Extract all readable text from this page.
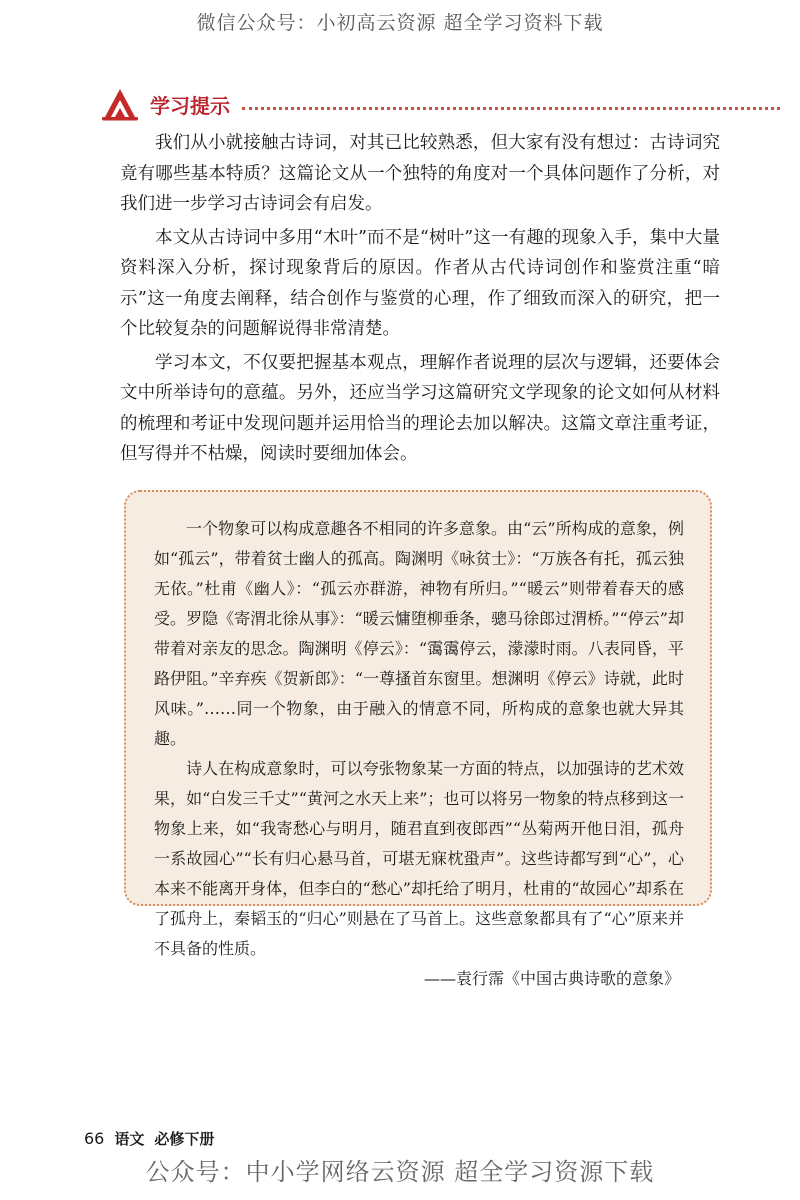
微信公众号：小初高云资源 超全学习资料下载
学习提示

我们从小就接触古诗词，对其已比较熟悉，但大家有没有想过：古诗词究竟有哪些基本特质？这篇论文从一个独特的角度对一个具体问题作了分析，对我们进一步学习古诗词会有启发。

本文从古诗词中多用“木叶”而不是“树叶”这一有趣的现象入手，集中大量资料深入分析，探讨现象背后的原因。作者从古代诗词创作和鉴赏注重“暗示”这一角度去阐释，结合创作与鉴赏的心理，作了细致而深入的研究，把一个比较复杂的问题解说得非常清楚。

学习本文，不仅要把握基本观点，理解作者说理的层次与逻辑，还要体会文中所举诗句的意蕴。另外，还应当学习这篇研究文学现象的论文如何从材料的梳理和考证中发现问题并运用恰当的理论去加以解决。这篇文章注重考证，但写得并不枯燥，阅读时要细加体会。

一个物象可以构成意趣各不相同的许多意象。由“云”所构成的意象，例如“孤云”，带着贫士幽人的孤高。陶渊明《咏贫士》：“万族各有托，孤云独无依。”杜甫《幽人》：“孤云亦群游，神物有所归。”“暖云”则带着春天的感受。罗隐《寄渭北徐从事》：“暖云慵堕柳垂条，骢马徐郎过渭桥。”“停云”却带着对亲友的思念。陶渊明《停云》：“霭霭停云，濛濛时雨。八表同昏，平路伊阻。”辛弃疾《贺新郎》：“一尊搔首东窗里。想渊明《停云》诗就，此时风味。”……同一个物象，由于融入的情意不同，所构成的意象也就大异其趣。

诗人在构成意象时，可以夸张物象某一方面的特点，以加强诗的艺术效果，如“白发三千丈”“黄河之水天上来”；也可以将另一物象的特点移到这一物象上来，如“我寄愁心与明月，随君直到夜郎西”“丛菊两开他日泪，孤舟一系故园心”“长有归心悬马首，可堪无寐枕蛩声”。这些诗都写到“心”，心本来不能离开身体，但李白的“愁心”却托给了明月，杜甫的“故园心”却系在了孤舟上，秦韬玉的“归心”则悬在了马首上。这些意象都具有了“心”原来并不具备的性质。

——袁行霈《中国古典诗歌的意象》
66 语文 必修下册
公众号：中小学网络云资源 超全学习资源下载
